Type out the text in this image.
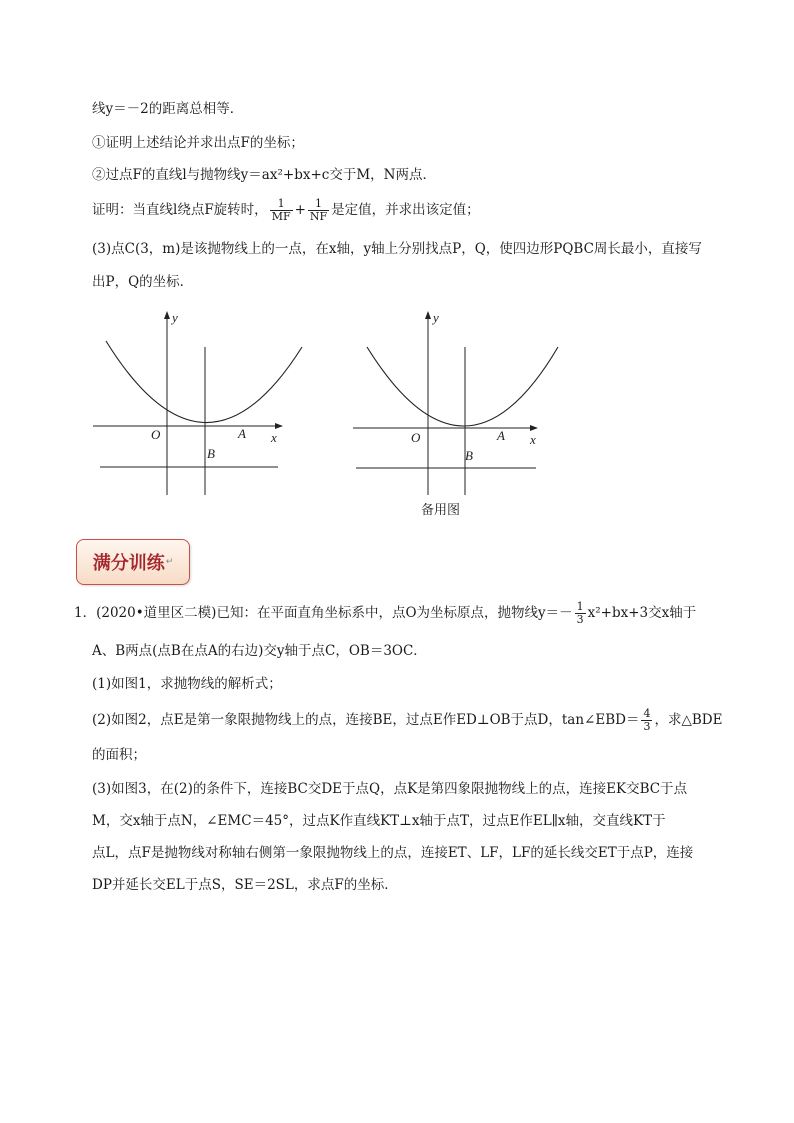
线y＝－2的距离总相等．
①证明上述结论并求出点F的坐标；
②过点F的直线l与抛物线y＝ax²+bx+c交于M，N两点．
证明：当直线l绕点F旋转时， $\frac{1}{MF} + \frac{1}{NF}$ 是定值，并求出该定值；
(3)点C(3，m)是该抛物线上的一点，在x轴，y轴上分别找点P，Q，使四边形PQBC周长最小，直接写
出P，Q的坐标．
y
x
O	A
B
y
x
O	A
B
备用图
满分训练 ↵
1．(2020•道里区二模)已知：在平面直角坐标系中，点O为坐标原点，抛物线$y=- \frac{1}{3} x^2+bx+3$交x轴于
A、B两点(点B在点A的右边)交y轴于点C，OB＝3OC．
(1)如图1，求抛物线的解析式；
(2)如图2，点E是第一象限抛物线上的点，连接BE，过点E作ED⊥OB于点D，tan∠EBD＝ $\frac{4}{3}$ ，求△BDE
的面积；
(3)如图3，在(2)的条件下，连接BC交DE于点Q，点K是第四象限抛物线上的点，连接EK交BC于点
M，交x轴于点N，∠EMC＝45°，过点K作直线KT⊥x轴于点T，过点E作EL∥x轴，交直线KT于
点L，点F是抛物线对称轴右侧第一象限抛物线上的点，连接ET、LF，LF的延长线交ET于点P，连接
DP并延长交EL于点S，SE＝2SL，求点F的坐标．
